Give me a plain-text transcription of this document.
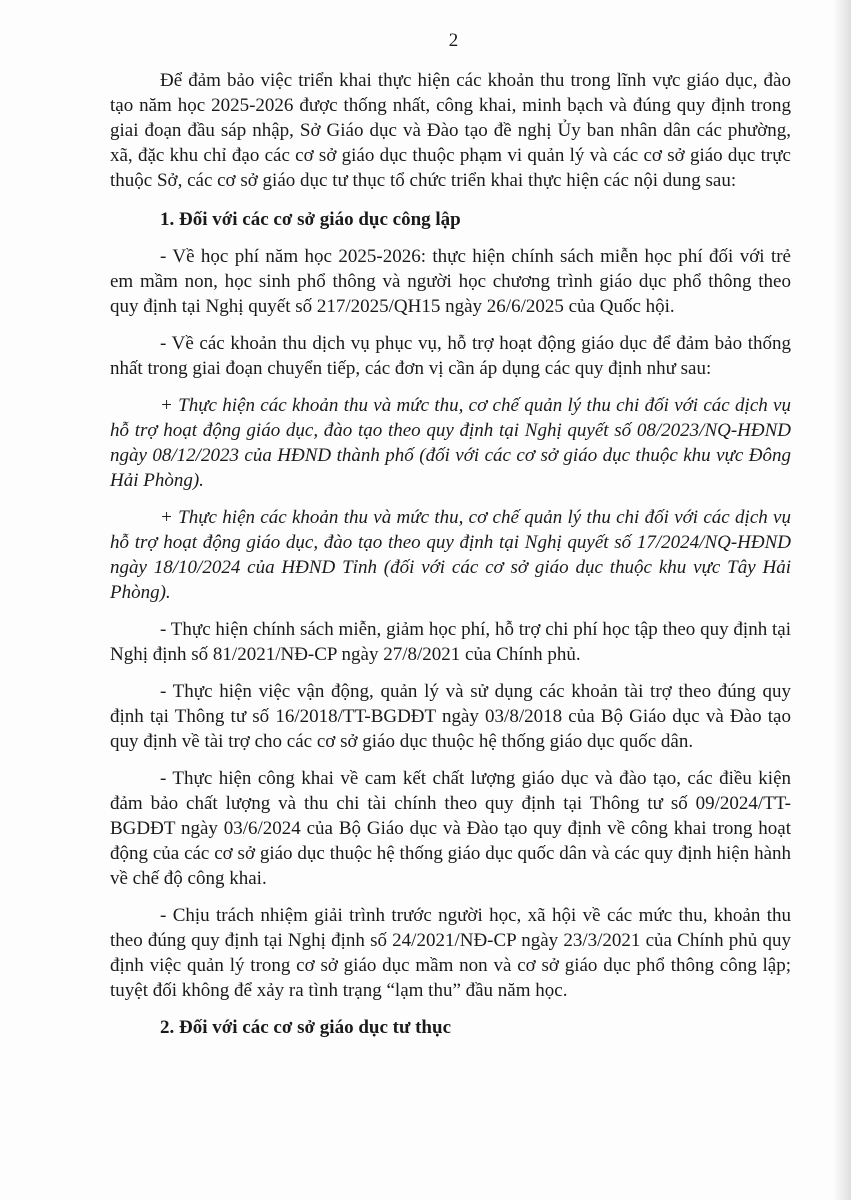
2

Để đảm bảo việc triển khai thực hiện các khoản thu trong lĩnh vực giáo dục, đào tạo năm học 2025-2026 được thống nhất, công khai, minh bạch và đúng quy định trong giai đoạn đầu sáp nhập, Sở Giáo dục và Đào tạo đề nghị Ủy ban nhân dân các phường, xã, đặc khu chỉ đạo các cơ sở giáo dục thuộc phạm vi quản lý và các cơ sở giáo dục trực thuộc Sở, các cơ sở giáo dục tư thục tổ chức triển khai thực hiện các nội dung sau:

1. Đối với các cơ sở giáo dục công lập

- Về học phí năm học 2025-2026: thực hiện chính sách miễn học phí đối với trẻ em mầm non, học sinh phổ thông và người học chương trình giáo dục phổ thông theo quy định tại Nghị quyết số 217/2025/QH15 ngày 26/6/2025 của Quốc hội.

- Về các khoản thu dịch vụ phục vụ, hỗ trợ hoạt động giáo dục để đảm bảo thống nhất trong giai đoạn chuyển tiếp, các đơn vị cần áp dụng các quy định như sau:

+ Thực hiện các khoản thu và mức thu, cơ chế quản lý thu chi đối với các dịch vụ hỗ trợ hoạt động giáo dục, đào tạo theo quy định tại Nghị quyết số 08/2023/NQ-HĐND ngày 08/12/2023 của HĐND thành phố (đối với các cơ sở giáo dục thuộc khu vực Đông Hải Phòng).

+ Thực hiện các khoản thu và mức thu, cơ chế quản lý thu chi đối với các dịch vụ hỗ trợ hoạt động giáo dục, đào tạo theo quy định tại Nghị quyết số 17/2024/NQ-HĐND ngày 18/10/2024 của HĐND Tỉnh (đối với các cơ sở giáo dục thuộc khu vực Tây Hải Phòng).

- Thực hiện chính sách miễn, giảm học phí, hỗ trợ chi phí học tập theo quy định tại Nghị định số 81/2021/NĐ-CP ngày 27/8/2021 của Chính phủ.

- Thực hiện việc vận động, quản lý và sử dụng các khoản tài trợ theo đúng quy định tại Thông tư số 16/2018/TT-BGDĐT ngày 03/8/2018 của Bộ Giáo dục và Đào tạo quy định về tài trợ cho các cơ sở giáo dục thuộc hệ thống giáo dục quốc dân.

- Thực hiện công khai về cam kết chất lượng giáo dục và đào tạo, các điều kiện đảm bảo chất lượng và thu chi tài chính theo quy định tại Thông tư số 09/2024/TT-BGDĐT ngày 03/6/2024 của Bộ Giáo dục và Đào tạo quy định về công khai trong hoạt động của các cơ sở giáo dục thuộc hệ thống giáo dục quốc dân và các quy định hiện hành về chế độ công khai.

- Chịu trách nhiệm giải trình trước người học, xã hội về các mức thu, khoản thu theo đúng quy định tại Nghị định số 24/2021/NĐ-CP ngày 23/3/2021 của Chính phủ quy định việc quản lý trong cơ sở giáo dục mầm non và cơ sở giáo dục phổ thông công lập; tuyệt đối không để xảy ra tình trạng “lạm thu” đầu năm học.

2. Đối với các cơ sở giáo dục tư thục
